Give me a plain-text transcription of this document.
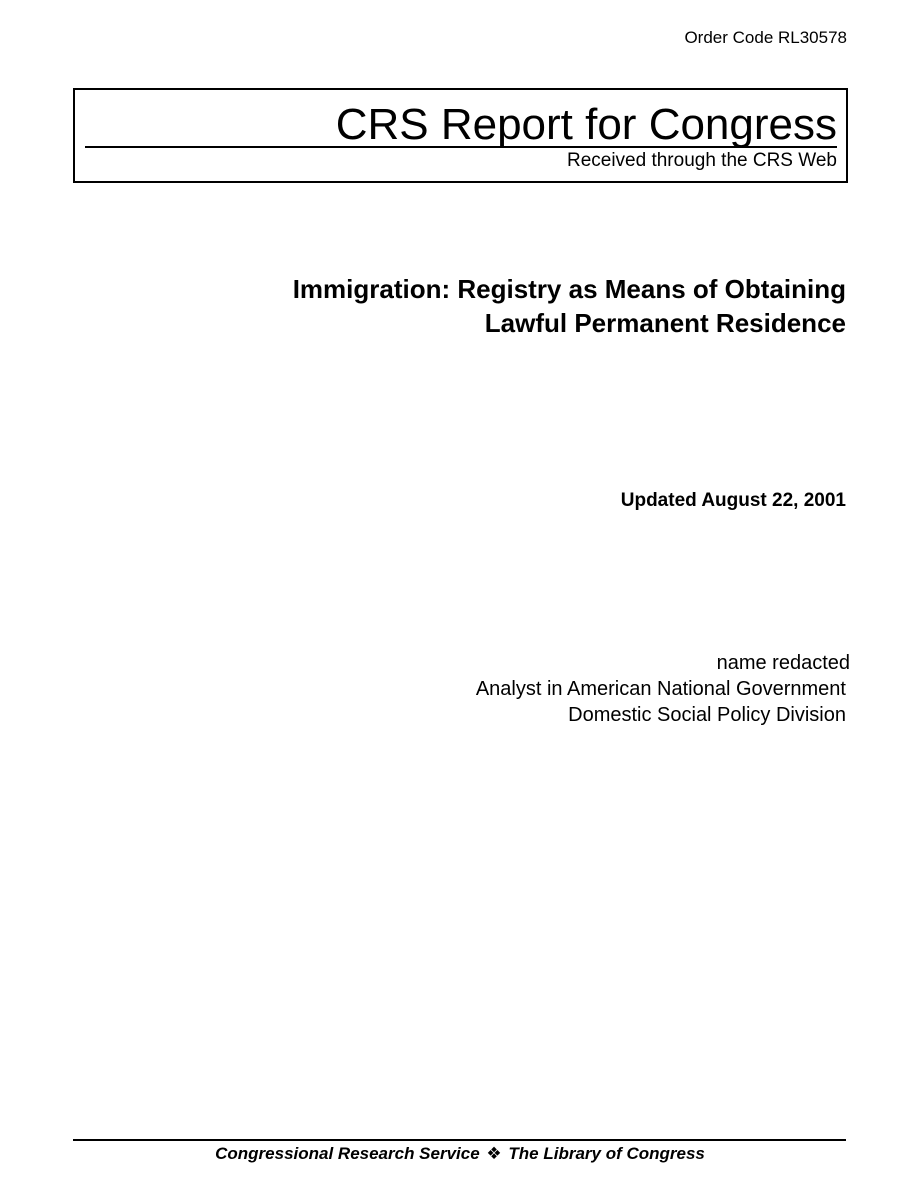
Order Code RL30578
CRS Report for Congress
Received through the CRS Web
Immigration: Registry as Means of Obtaining
Lawful Permanent Residence
Updated August 22, 2001
name redacted
Analyst in American National Government
Domestic Social Policy Division
Congressional Research Service ❖ The Library of Congress
